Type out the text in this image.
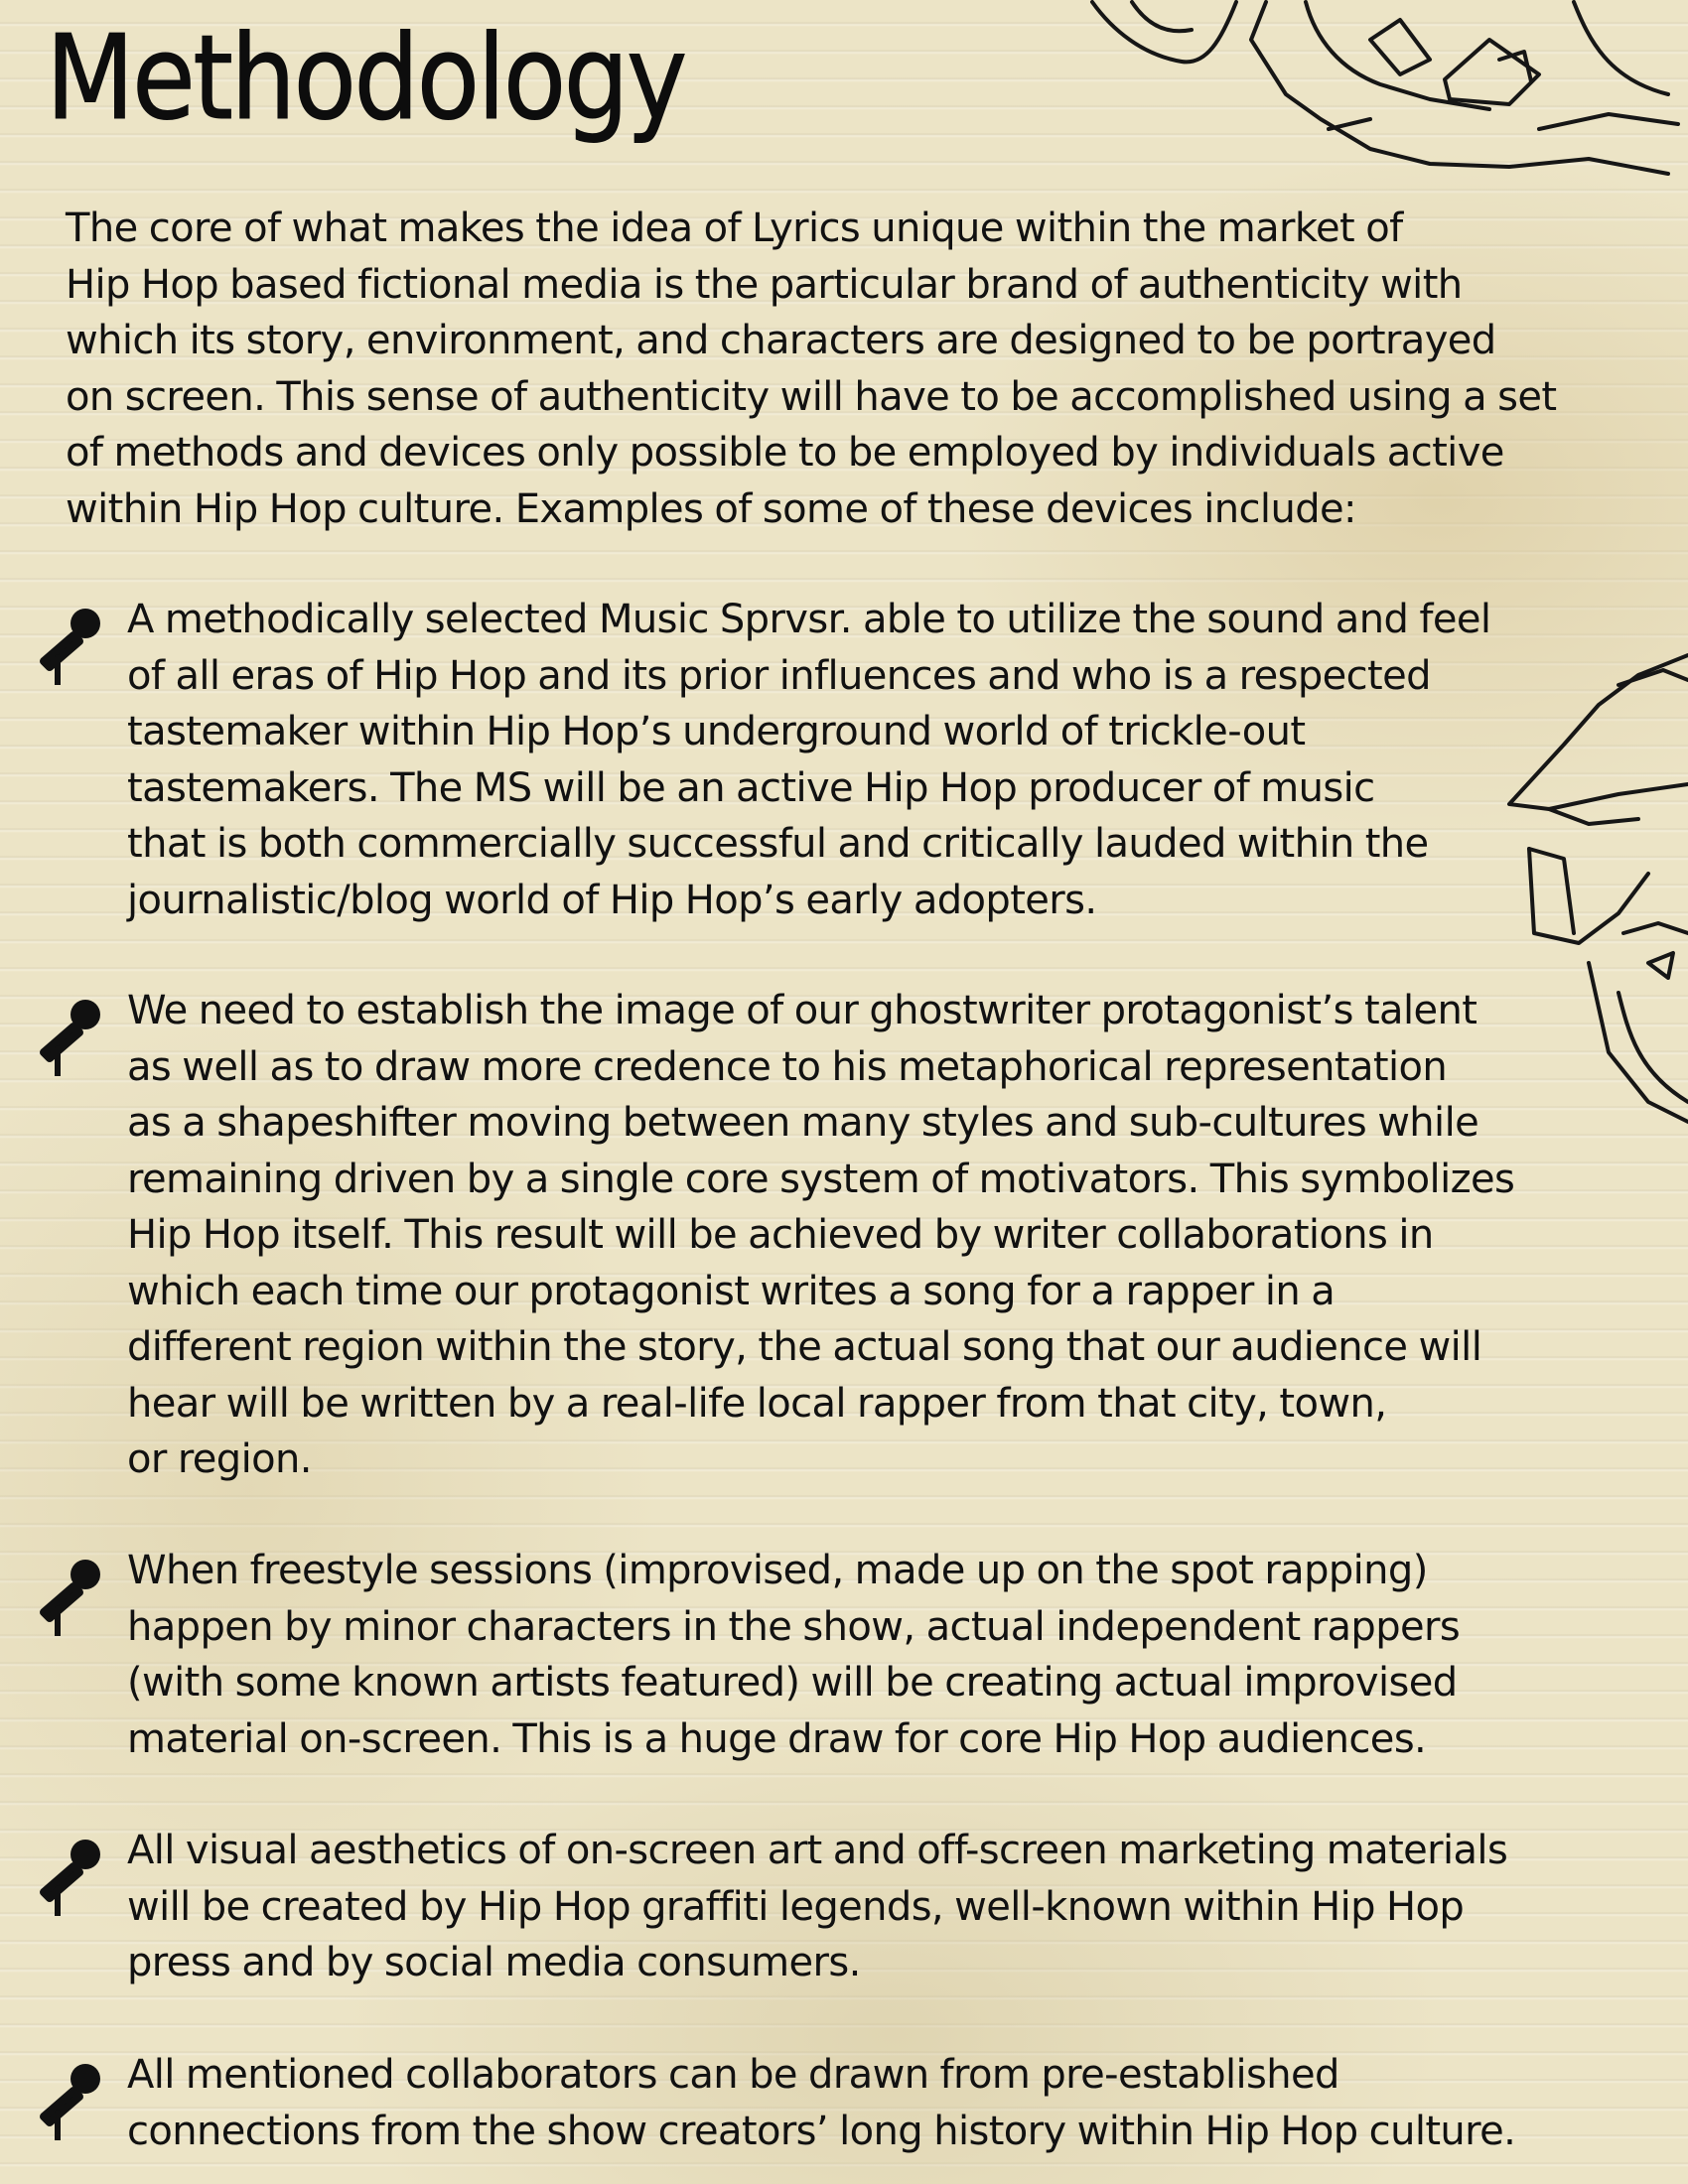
Methodology
The core of what makes the idea of Lyrics unique within the market of
Hip Hop based fictional media is the particular brand of authenticity with
which its story, environment, and characters are designed to be portrayed
on screen. This sense of authenticity will have to be accomplished using a set
of methods and devices only possible to be employed by individuals active
within Hip Hop culture. Examples of some of these devices include:
A methodically selected Music Sprvsr. able to utilize the sound and feel
of all eras of Hip Hop and its prior influences and who is a respected
tastemaker within Hip Hop’s underground world of trickle-out
tastemakers. The MS will be an active Hip Hop producer of music
that is both commercially successful and critically lauded within the
journalistic/blog world of Hip Hop’s early adopters.
We need to establish the image of our ghostwriter protagonist’s talent
as well as to draw more credence to his metaphorical representation
as a shapeshifter moving between many styles and sub-cultures while
remaining driven by a single core system of motivators. This symbolizes
Hip Hop itself. This result will be achieved by writer collaborations in
which each time our protagonist writes a song for a rapper in a
different region within the story, the actual song that our audience will
hear will be written by a real-life local rapper from that city, town,
or region.
When freestyle sessions (improvised, made up on the spot rapping)
happen by minor characters in the show, actual independent rappers
(with some known artists featured) will be creating actual improvised
material on-screen. This is a huge draw for core Hip Hop audiences.
All visual aesthetics of on-screen art and off-screen marketing materials
will be created by Hip Hop graffiti legends, well-known within Hip Hop
press and by social media consumers.
All mentioned collaborators can be drawn from pre-established
connections from the show creators’ long history within Hip Hop culture.
